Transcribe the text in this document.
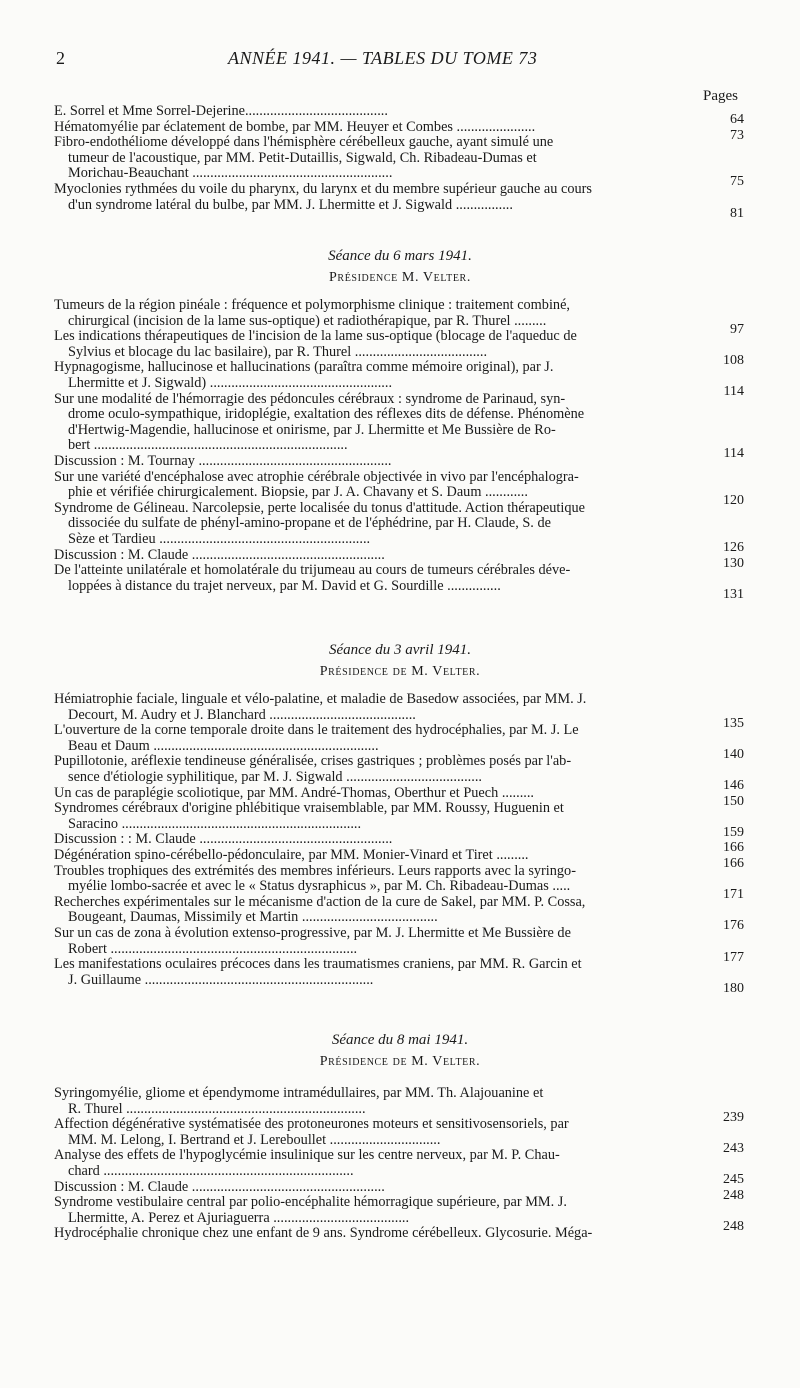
2	ANNÉE 1941. — TABLES DU TOME 73
Pages
E. Sorrel et Mme Sorrel-Dejerine........................................
64
Hématomyélie par éclatement de bombe, par MM. Heuyer et Combes ......................
73
Fibro-endothéliome développé dans l'hémisphère cérébelleux gauche, ayant simulé une
tumeur de l'acoustique, par MM. Petit-Dutaillis, Sigwald, Ch. Ribadeau-Dumas et
Morichau-Beauchant ........................................................
75
Myoclonies rythmées du voile du pharynx, du larynx et du membre supérieur gauche au cours
d'un syndrome latéral du bulbe, par MM. J. Lhermitte et J. Sigwald ................
81
Séance du 6 mars 1941.
Présidence M. Velter.
Tumeurs de la région pinéale : fréquence et polymorphisme clinique : traitement combiné,
chirurgical (incision de la lame sus-optique) et radiothérapique, par R. Thurel .........
97
Les indications thérapeutiques de l'incision de la lame sus-optique (blocage de l'aqueduc de
Sylvius et blocage du lac basilaire), par R. Thurel .....................................
108
Hypnagogisme, hallucinose et hallucinations (paraîtra comme mémoire original), par J.
Lhermitte et J. Sigwald) ...................................................
114
Sur une modalité de l'hémorragie des pédoncules cérébraux : syndrome de Parinaud, syn-
drome oculo-sympathique, iridoplégie, exaltation des réflexes dits de défense. Phénomène
d'Hertwig-Magendie, hallucinose et onirisme, par J. Lhermitte et Me Bussière de Ro-
bert .......................................................................
114
Discussion : M. Tournay ......................................................
Sur une variété d'encéphalose avec atrophie cérébrale objectivée in vivo par l'encéphalogra-
phie et vérifiée chirurgicalement. Biopsie, par J. A. Chavany et S. Daum ............
120
Syndrome de Gélineau. Narcolepsie, perte localisée du tonus d'attitude. Action thérapeutique
dissociée du sulfate de phényl-amino-propane et de l'éphédrine, par H. Claude, S. de
Sèze et Tardieu ...........................................................
126
Discussion : M. Claude ......................................................
130
De l'atteinte unilatérale et homolatérale du trijumeau au cours de tumeurs cérébrales déve-
loppées à distance du trajet nerveux, par M. David et G. Sourdille ...............
131
Séance du 3 avril 1941.
Présidence de M. Velter.
Hémiatrophie faciale, linguale et vélo-palatine, et maladie de Basedow associées, par MM. J.
Decourt, M. Audry et J. Blanchard .........................................
135
L'ouverture de la corne temporale droite dans le traitement des hydrocéphalies, par M. J. Le
Beau et Daum ...............................................................
140
Pupillotonie, aréflexie tendineuse généralisée, crises gastriques ; problèmes posés par l'ab-
sence d'étiologie syphilitique, par M. J. Sigwald ......................................
146
Un cas de paraplégie scoliotique, par MM. André-Thomas, Oberthur et Puech .........
150
Syndromes cérébraux d'origine phlébitique vraisemblable, par MM. Roussy, Huguenin et
Saracino ...................................................................
159
Discussion : : M. Claude ......................................................
166
Dégénération spino-cérébello-pédonculaire, par MM. Monier-Vinard et Tiret .........
166
Troubles trophiques des extrémités des membres inférieurs. Leurs rapports avec la syringo-
myélie lombo-sacrée et avec le « Status dysraphicus », par M. Ch. Ribadeau-Dumas .....
171
Recherches expérimentales sur le mécanisme d'action de la cure de Sakel, par MM. P. Cossa,
Bougeant, Daumas, Missimily et Martin ......................................
176
Sur un cas de zona à évolution extenso-progressive, par M. J. Lhermitte et Me Bussière de
Robert .....................................................................
177
Les manifestations oculaires précoces dans les traumatismes craniens, par MM. R. Garcin et
J. Guillaume ................................................................
180
Séance du 8 mai 1941.
Présidence de M. Velter.
Syringomyélie, gliome et épendymome intramédullaires, par MM. Th. Alajouanine et
R. Thurel ...................................................................
239
Affection dégénérative systématisée des protoneurones moteurs et sensitivosensoriels, par
MM. M. Lelong, I. Bertrand et J. Lereboullet ...............................
243
Analyse des effets de l'hypoglycémie insulinique sur les centre nerveux, par M. P. Chau-
chard ......................................................................
245
Discussion : M. Claude ......................................................
248
Syndrome vestibulaire central par polio-encéphalite hémorragique supérieure, par MM. J.
Lhermitte, A. Perez et Ajuriaguerra ......................................
248
Hydrocéphalie chronique chez une enfant de 9 ans. Syndrome cérébelleux. Glycosurie. Méga-
